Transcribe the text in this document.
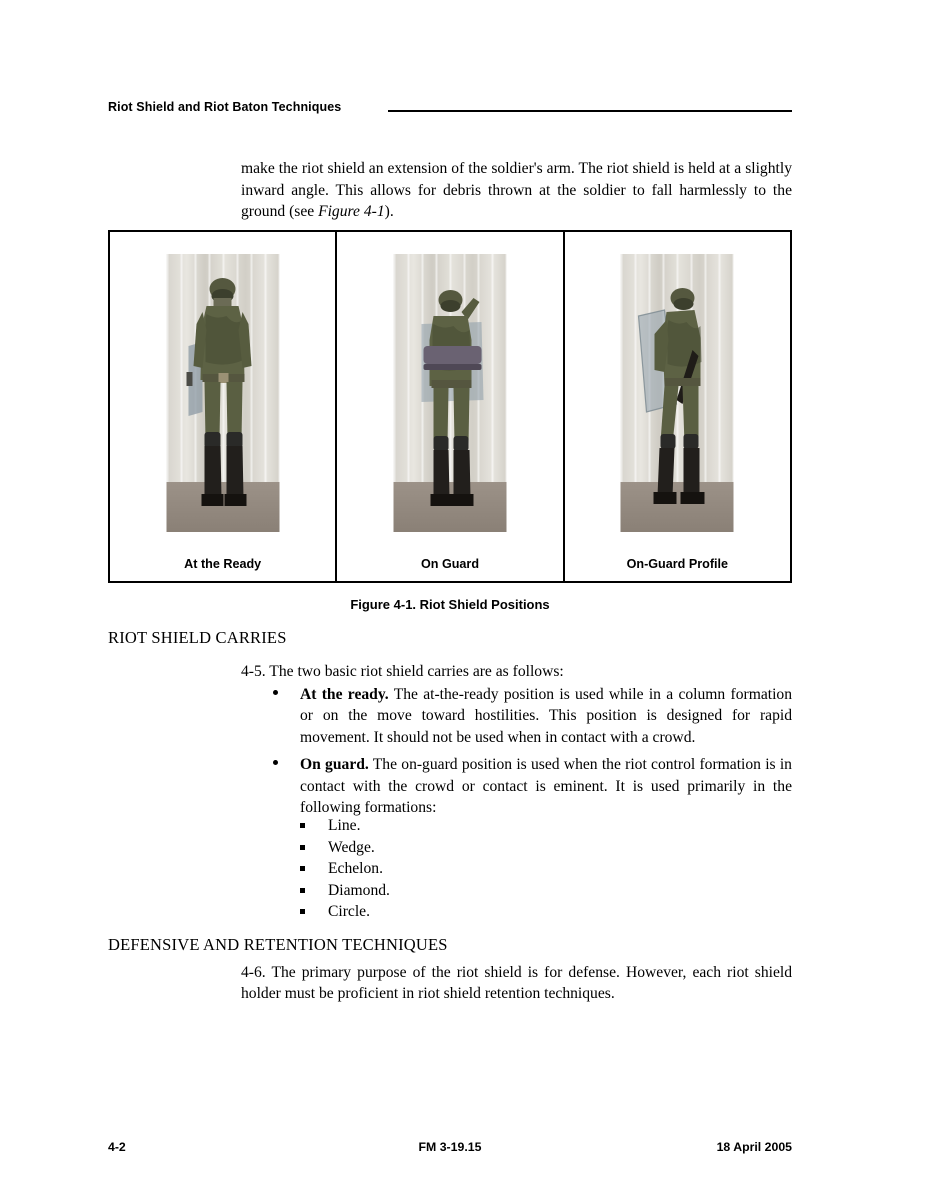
Riot Shield and Riot Baton Techniques
make the riot shield an extension of the soldier's arm. The riot shield is held at a slightly inward angle. This allows for debris thrown at the soldier to fall harmlessly to the ground (see Figure 4-1).
At the Ready	On Guard	On-Guard Profile
Figure 4-1. Riot Shield Positions
RIOT SHIELD CARRIES
4-5. The two basic riot shield carries are as follows:
At the ready. The at-the-ready position is used while in a column formation or on the move toward hostilities. This position is designed for rapid movement. It should not be used when in contact with a crowd.
On guard. The on-guard position is used when the riot control formation is in contact with the crowd or contact is eminent. It is used primarily in the following formations:
Line.
Wedge.
Echelon.
Diamond.
Circle.
DEFENSIVE AND RETENTION TECHNIQUES
4-6. The primary purpose of the riot shield is for defense. However, each riot shield holder must be proficient in riot shield retention techniques.
4-2	FM 3-19.15	18 April 2005
